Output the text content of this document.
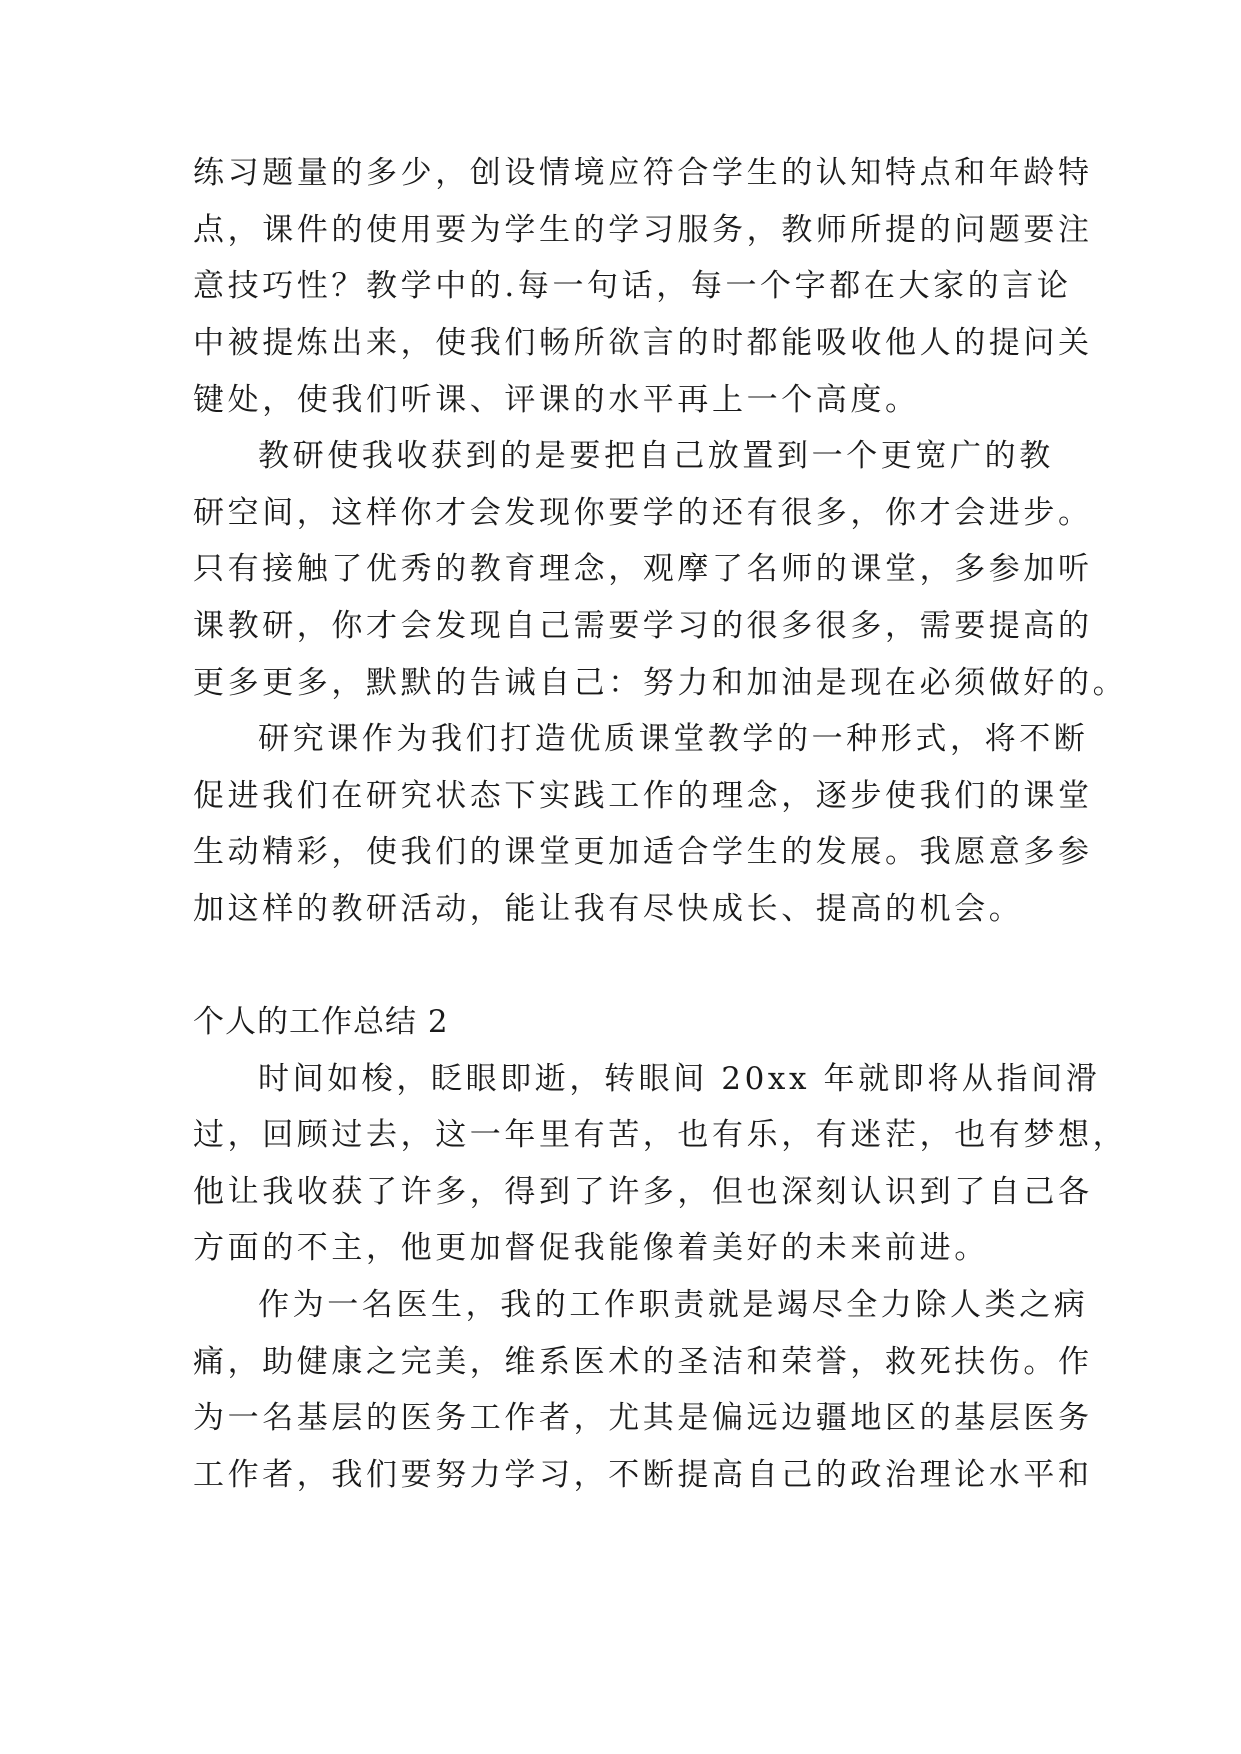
练习题量的多少，创设情境应符合学生的认知特点和年龄特
点，课件的使用要为学生的学习服务，教师所提的问题要注
意技巧性？教学中的.每一句话，每一个字都在大家的言论
中被提炼出来，使我们畅所欲言的时都能吸收他人的提问关
键处，使我们听课、评课的水平再上一个高度。
教研使我收获到的是要把自己放置到一个更宽广的教
研空间，这样你才会发现你要学的还有很多，你才会进步。
只有接触了优秀的教育理念，观摩了名师的课堂，多参加听
课教研，你才会发现自己需要学习的很多很多，需要提高的
更多更多，默默的告诫自己：努力和加油是现在必须做好的。
研究课作为我们打造优质课堂教学的一种形式，将不断
促进我们在研究状态下实践工作的理念，逐步使我们的课堂
生动精彩，使我们的课堂更加适合学生的发展。我愿意多参
加这样的教研活动，能让我有尽快成长、提高的机会。
个人的工作总结 2
时间如梭，眨眼即逝，转眼间 20xx 年就即将从指间滑
过，回顾过去，这一年里有苦，也有乐，有迷茫，也有梦想，
他让我收获了许多，得到了许多，但也深刻认识到了自己各
方面的不主，他更加督促我能像着美好的未来前进。
作为一名医生，我的工作职责就是竭尽全力除人类之病
痛，助健康之完美，维系医术的圣洁和荣誉，救死扶伤。作
为一名基层的医务工作者，尤其是偏远边疆地区的基层医务
工作者，我们要努力学习，不断提高自己的政治理论水平和
